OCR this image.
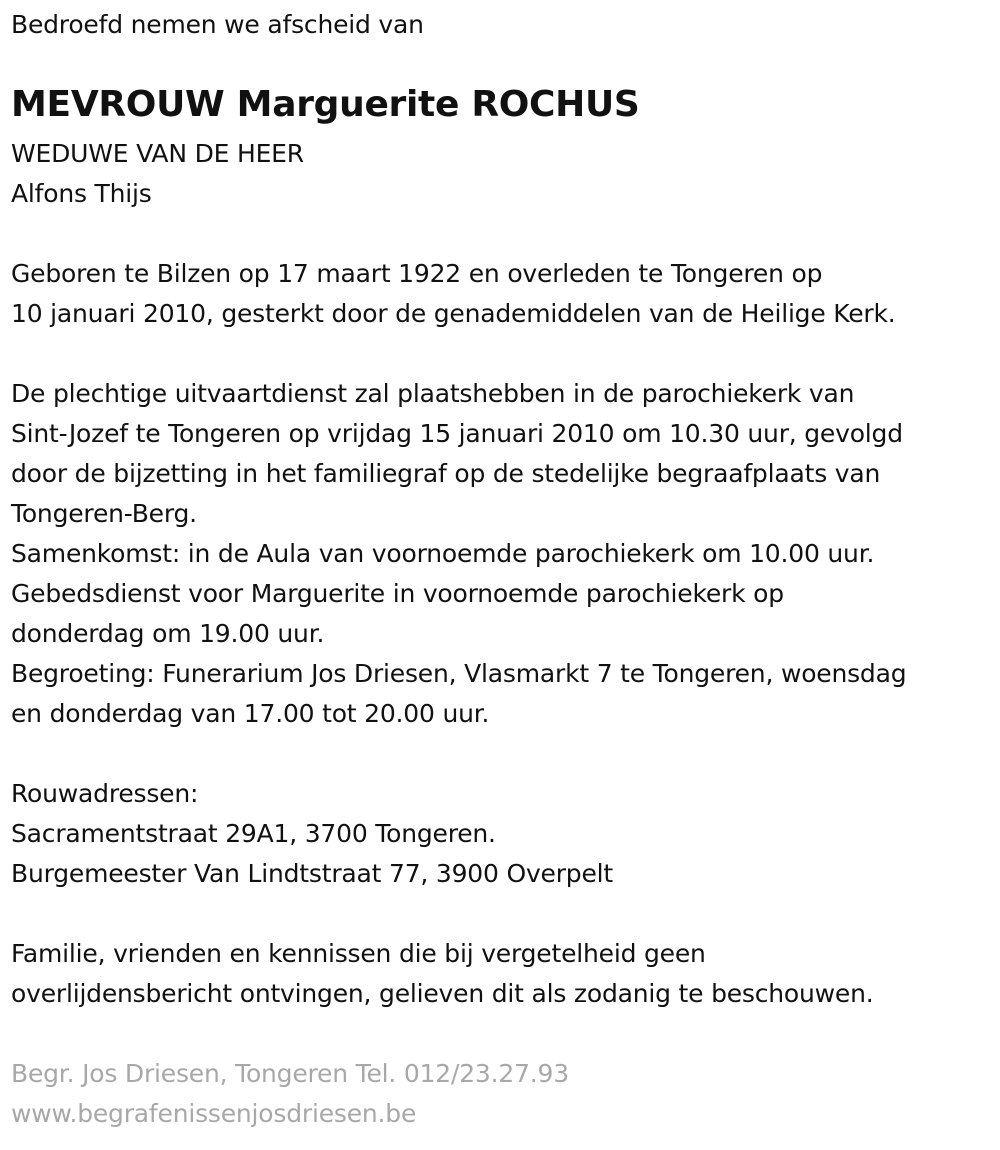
Bedroefd nemen we afscheid van
MEVROUW Marguerite ROCHUS
WEDUWE VAN DE HEER
Alfons Thijs
Geboren te Bilzen op 17 maart 1922 en overleden te Tongeren op
10 januari 2010, gesterkt door de genademiddelen van de Heilige Kerk.
De plechtige uitvaartdienst zal plaatshebben in de parochiekerk van
Sint-Jozef te Tongeren op vrijdag 15 januari 2010 om 10.30 uur, gevolgd
door de bijzetting in het familiegraf op de stedelijke begraafplaats van
Tongeren-Berg.
Samenkomst: in de Aula van voornoemde parochiekerk om 10.00 uur.
Gebedsdienst voor Marguerite in voornoemde parochiekerk op
donderdag om 19.00 uur.
Begroeting: Funerarium Jos Driesen, Vlasmarkt 7 te Tongeren, woensdag
en donderdag van 17.00 tot 20.00 uur.
Rouwadressen:
Sacramentstraat 29A1, 3700 Tongeren.
Burgemeester Van Lindtstraat 77, 3900 Overpelt
Familie, vrienden en kennissen die bij vergetelheid geen
overlijdensbericht ontvingen, gelieven dit als zodanig te beschouwen.
Begr. Jos Driesen, Tongeren Tel. 012/23.27.93
www.begrafenissenjosdriesen.be
